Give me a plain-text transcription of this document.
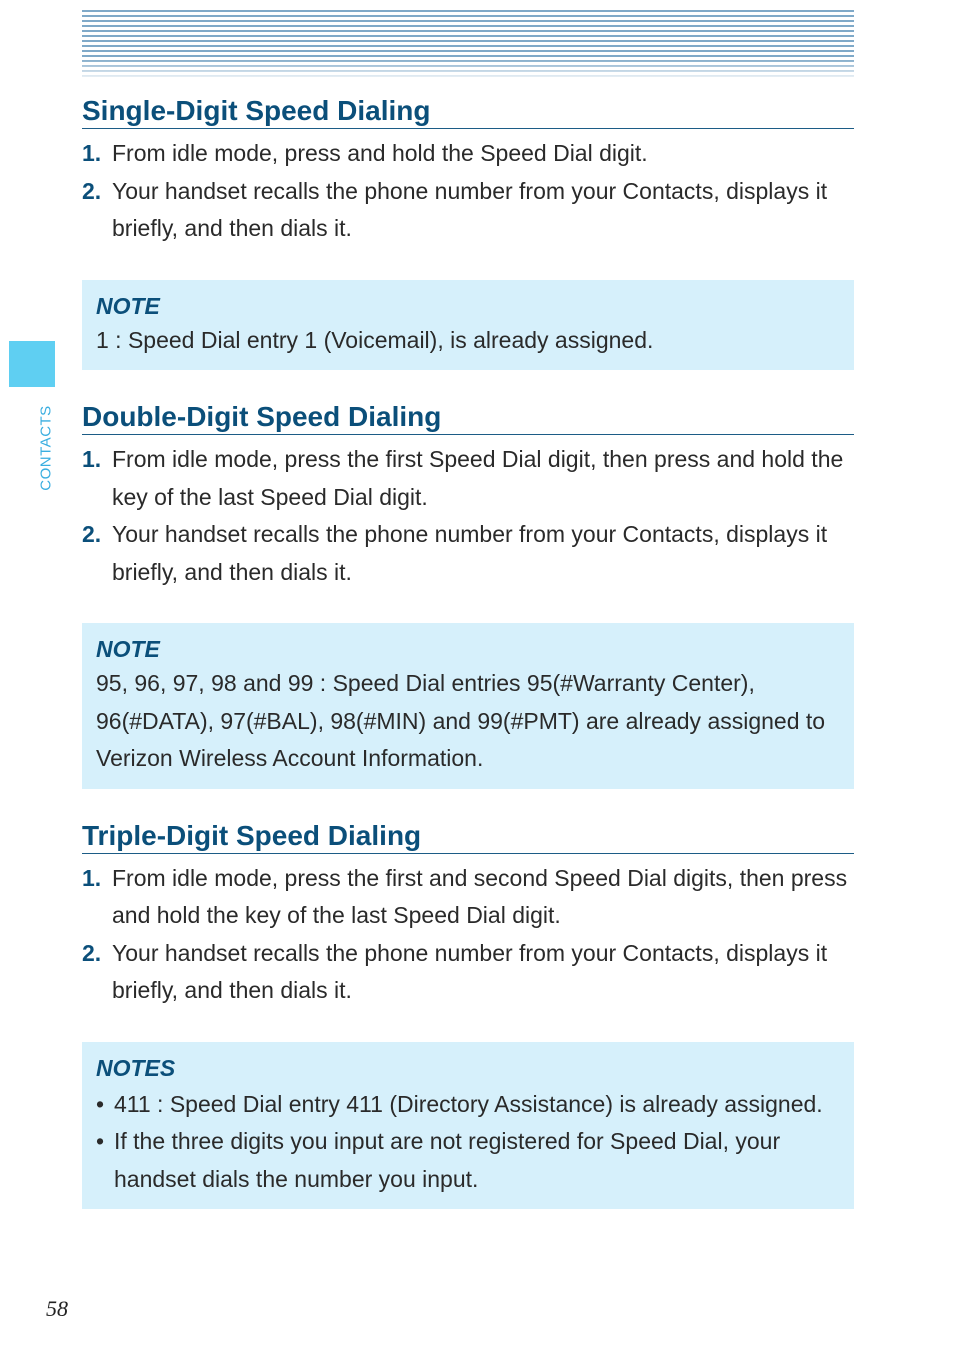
CONTACTS
Single-Digit Speed Dialing
1. From idle mode, press and hold the Speed Dial digit.
2. Your handset recalls the phone number from your Contacts, displays it briefly, and then dials it.
NOTE
1 : Speed Dial entry 1 (Voicemail), is already assigned.
Double-Digit Speed Dialing
1. From idle mode, press the first Speed Dial digit, then press and hold the key of the last Speed Dial digit.
2. Your handset recalls the phone number from your Contacts, displays it briefly, and then dials it.
NOTE
95, 96, 97, 98 and 99 : Speed Dial entries 95(#Warranty Center), 96(#DATA), 97(#BAL), 98(#MIN) and 99(#PMT) are already assigned to Verizon Wireless Account Information.
Triple-Digit Speed Dialing
1. From idle mode, press the first and second Speed Dial digits, then press and hold the key of the last Speed Dial digit.
2. Your handset recalls the phone number from your Contacts, displays it briefly, and then dials it.
NOTES
• 411 : Speed Dial entry 411 (Directory Assistance) is already assigned.
• If the three digits you input are not registered for Speed Dial, your handset dials the number you input.
58
